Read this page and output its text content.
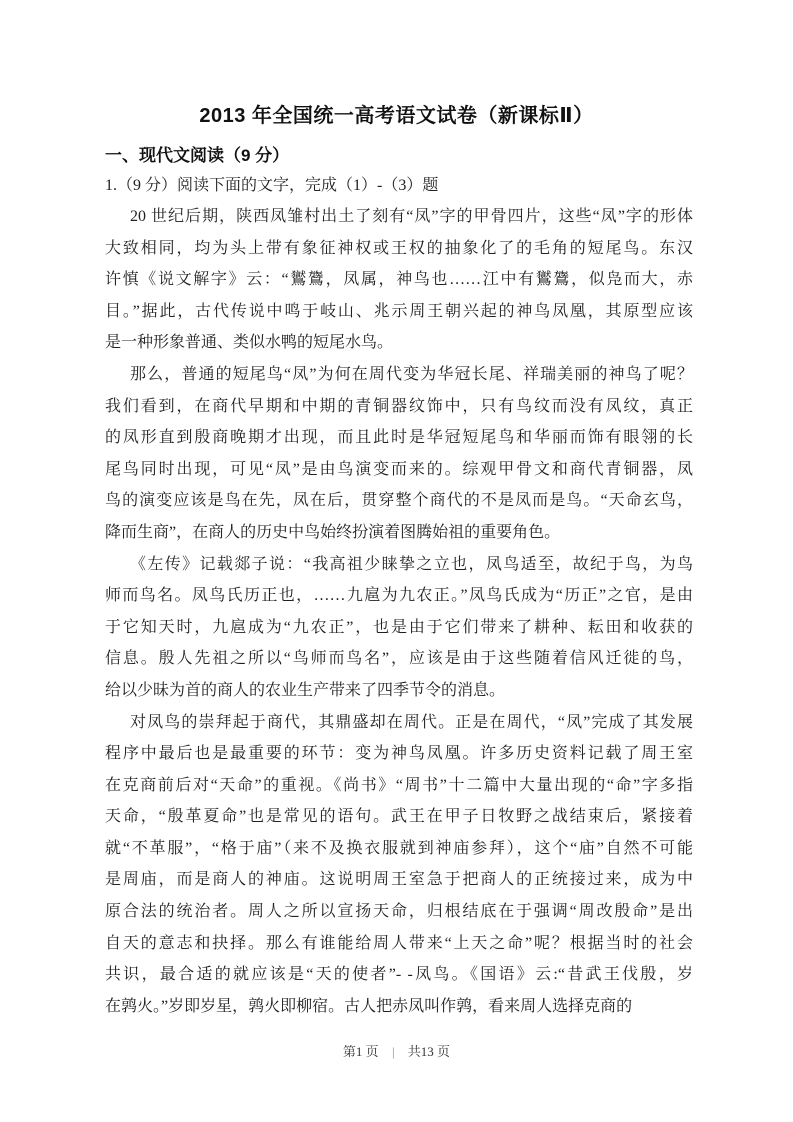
2013 年全国统一高考语文试卷（新课标Ⅱ）
一、现代文阅读（9 分）
1.（9 分）阅读下面的文字，完成（1）-（3）题
20 世纪后期，陕西凤雏村出土了刻有“凤”字的甲骨四片，这些“凤”字的形体
大致相同，均为头上带有象征神权或王权的抽象化了的毛角的短尾鸟。东汉
许慎《说文解字》云：“鸑鷟，凤属，神鸟也……江中有鸑鷟，似凫而大，赤
目。”据此，古代传说中鸣于岐山、兆示周王朝兴起的神鸟凤凰，其原型应该
是一种形象普通、类似水鸭的短尾水鸟。
那么，普通的短尾鸟“凤”为何在周代变为华冠长尾、祥瑞美丽的神鸟了呢？
我们看到，在商代早期和中期的青铜器纹饰中，只有鸟纹而没有凤纹，真正
的凤形直到殷商晚期才出现，而且此时是华冠短尾鸟和华丽而饰有眼翎的长
尾鸟同时出现，可见“凤”是由鸟演变而来的。综观甲骨文和商代青铜器，凤
鸟的演变应该是鸟在先，凤在后，贯穿整个商代的不是凤而是鸟。“天命玄鸟，
降而生商”，在商人的历史中鸟始终扮演着图腾始祖的重要角色。
《左传》记载郯子说：“我高祖少睐挚之立也，凤鸟适至，故纪于鸟，为鸟
师而鸟名。凤鸟氏历正也，……九扈为九农正。”凤鸟氏成为“历正”之官，是由
于它知天时，九扈成为“九农正”，也是由于它们带来了耕种、耘田和收获的
信息。殷人先祖之所以“鸟师而鸟名”，应该是由于这些随着信风迁徙的鸟，
给以少昧为首的商人的农业生产带来了四季节令的消息。
对凤鸟的崇拜起于商代，其鼎盛却在周代。正是在周代，“凤”完成了其发展
程序中最后也是最重要的环节：变为神鸟凤凰。许多历史资料记载了周王室
在克商前后对“天命”的重视。《尚书》“周书”十二篇中大量出现的“命”字多指
天命，“殷革夏命”也是常见的语句。武王在甲子日牧野之战结束后，紧接着
就“不革服”，“格于庙”（来不及换衣服就到神庙参拜），这个“庙”自然不可能
是周庙，而是商人的神庙。这说明周王室急于把商人的正统接过来，成为中
原合法的统治者。周人之所以宣扬天命，归根结底在于强调“周改殷命”是出
自天的意志和抉择。那么有谁能给周人带来“上天之命”呢？根据当时的社会
共识，最合适的就应该是“天的使者”- -凤鸟。《国语》云:“昔武王伐殷，岁
在鹑火。”岁即岁星，鹑火即柳宿。古人把赤凤叫作鹑，看来周人选择克商的
第1 页 | 共13 页
